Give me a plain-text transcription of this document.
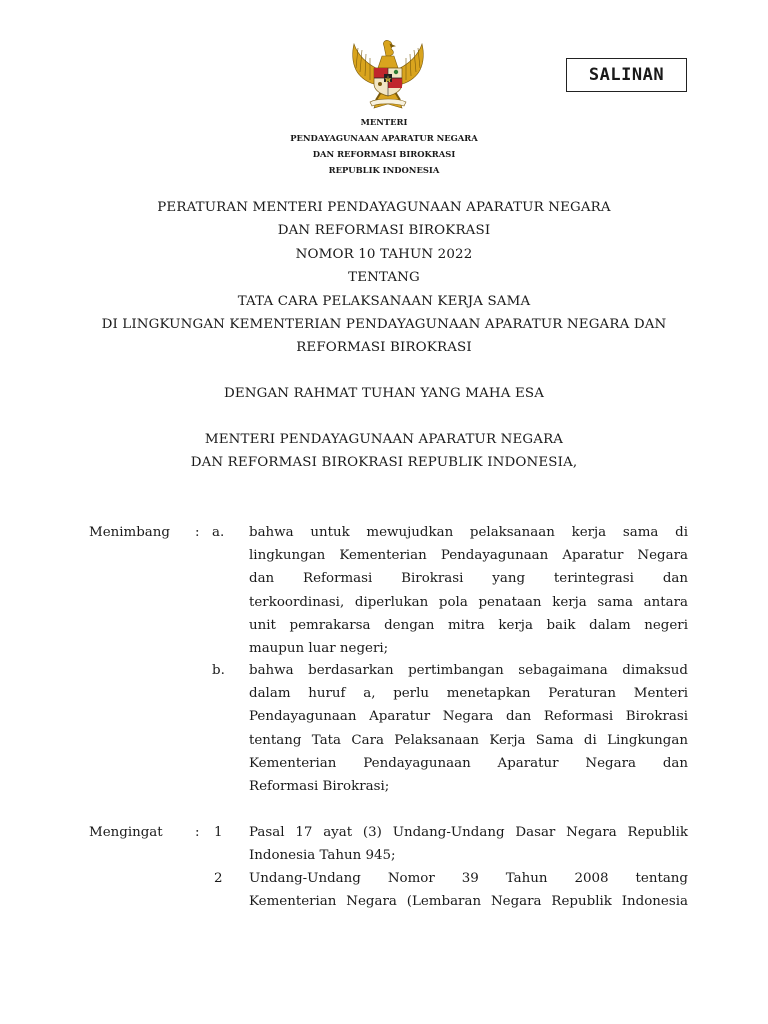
SALINAN
MENTERI
PENDAYAGUNAAN APARATUR NEGARA
DAN REFORMASI BIROKRASI
REPUBLIK INDONESIA
PERATURAN MENTERI PENDAYAGUNAAN APARATUR NEGARA
DAN REFORMASI BIROKRASI
NOMOR 10 TAHUN 2022
TENTANG
TATA CARA PELAKSANAAN KERJA SAMA
DI LINGKUNGAN KEMENTERIAN PENDAYAGUNAAN APARATUR NEGARA DAN
REFORMASI BIROKRASI
DENGAN RAHMAT TUHAN YANG MAHA ESA
MENTERI PENDAYAGUNAAN APARATUR NEGARA
DAN REFORMASI BIROKRASI REPUBLIK INDONESIA,
Menimbang : a. bahwa untuk mewujudkan pelaksanaan kerja sama di
lingkungan Kementerian Pendayagunaan Aparatur Negara
dan Reformasi Birokrasi yang terintegrasi dan
terkoordinasi, diperlukan pola penataan kerja sama antara
unit pemrakarsa dengan mitra kerja baik dalam negeri
maupun luar negeri;
b. bahwa berdasarkan pertimbangan sebagaimana dimaksud
dalam huruf a, perlu menetapkan Peraturan Menteri
Pendayagunaan Aparatur Negara dan Reformasi Birokrasi
tentang Tata Cara Pelaksanaan Kerja Sama di Lingkungan
Kementerian Pendayagunaan Aparatur Negara dan
Reformasi Birokrasi;
Mengingat : 1 Pasal 17 ayat (3) Undang-Undang Dasar Negara Republik
Indonesia Tahun 945;
2 Undang-Undang Nomor 39 Tahun 2008 tentang
Kementerian Negara (Lembaran Negara Republik Indonesia
